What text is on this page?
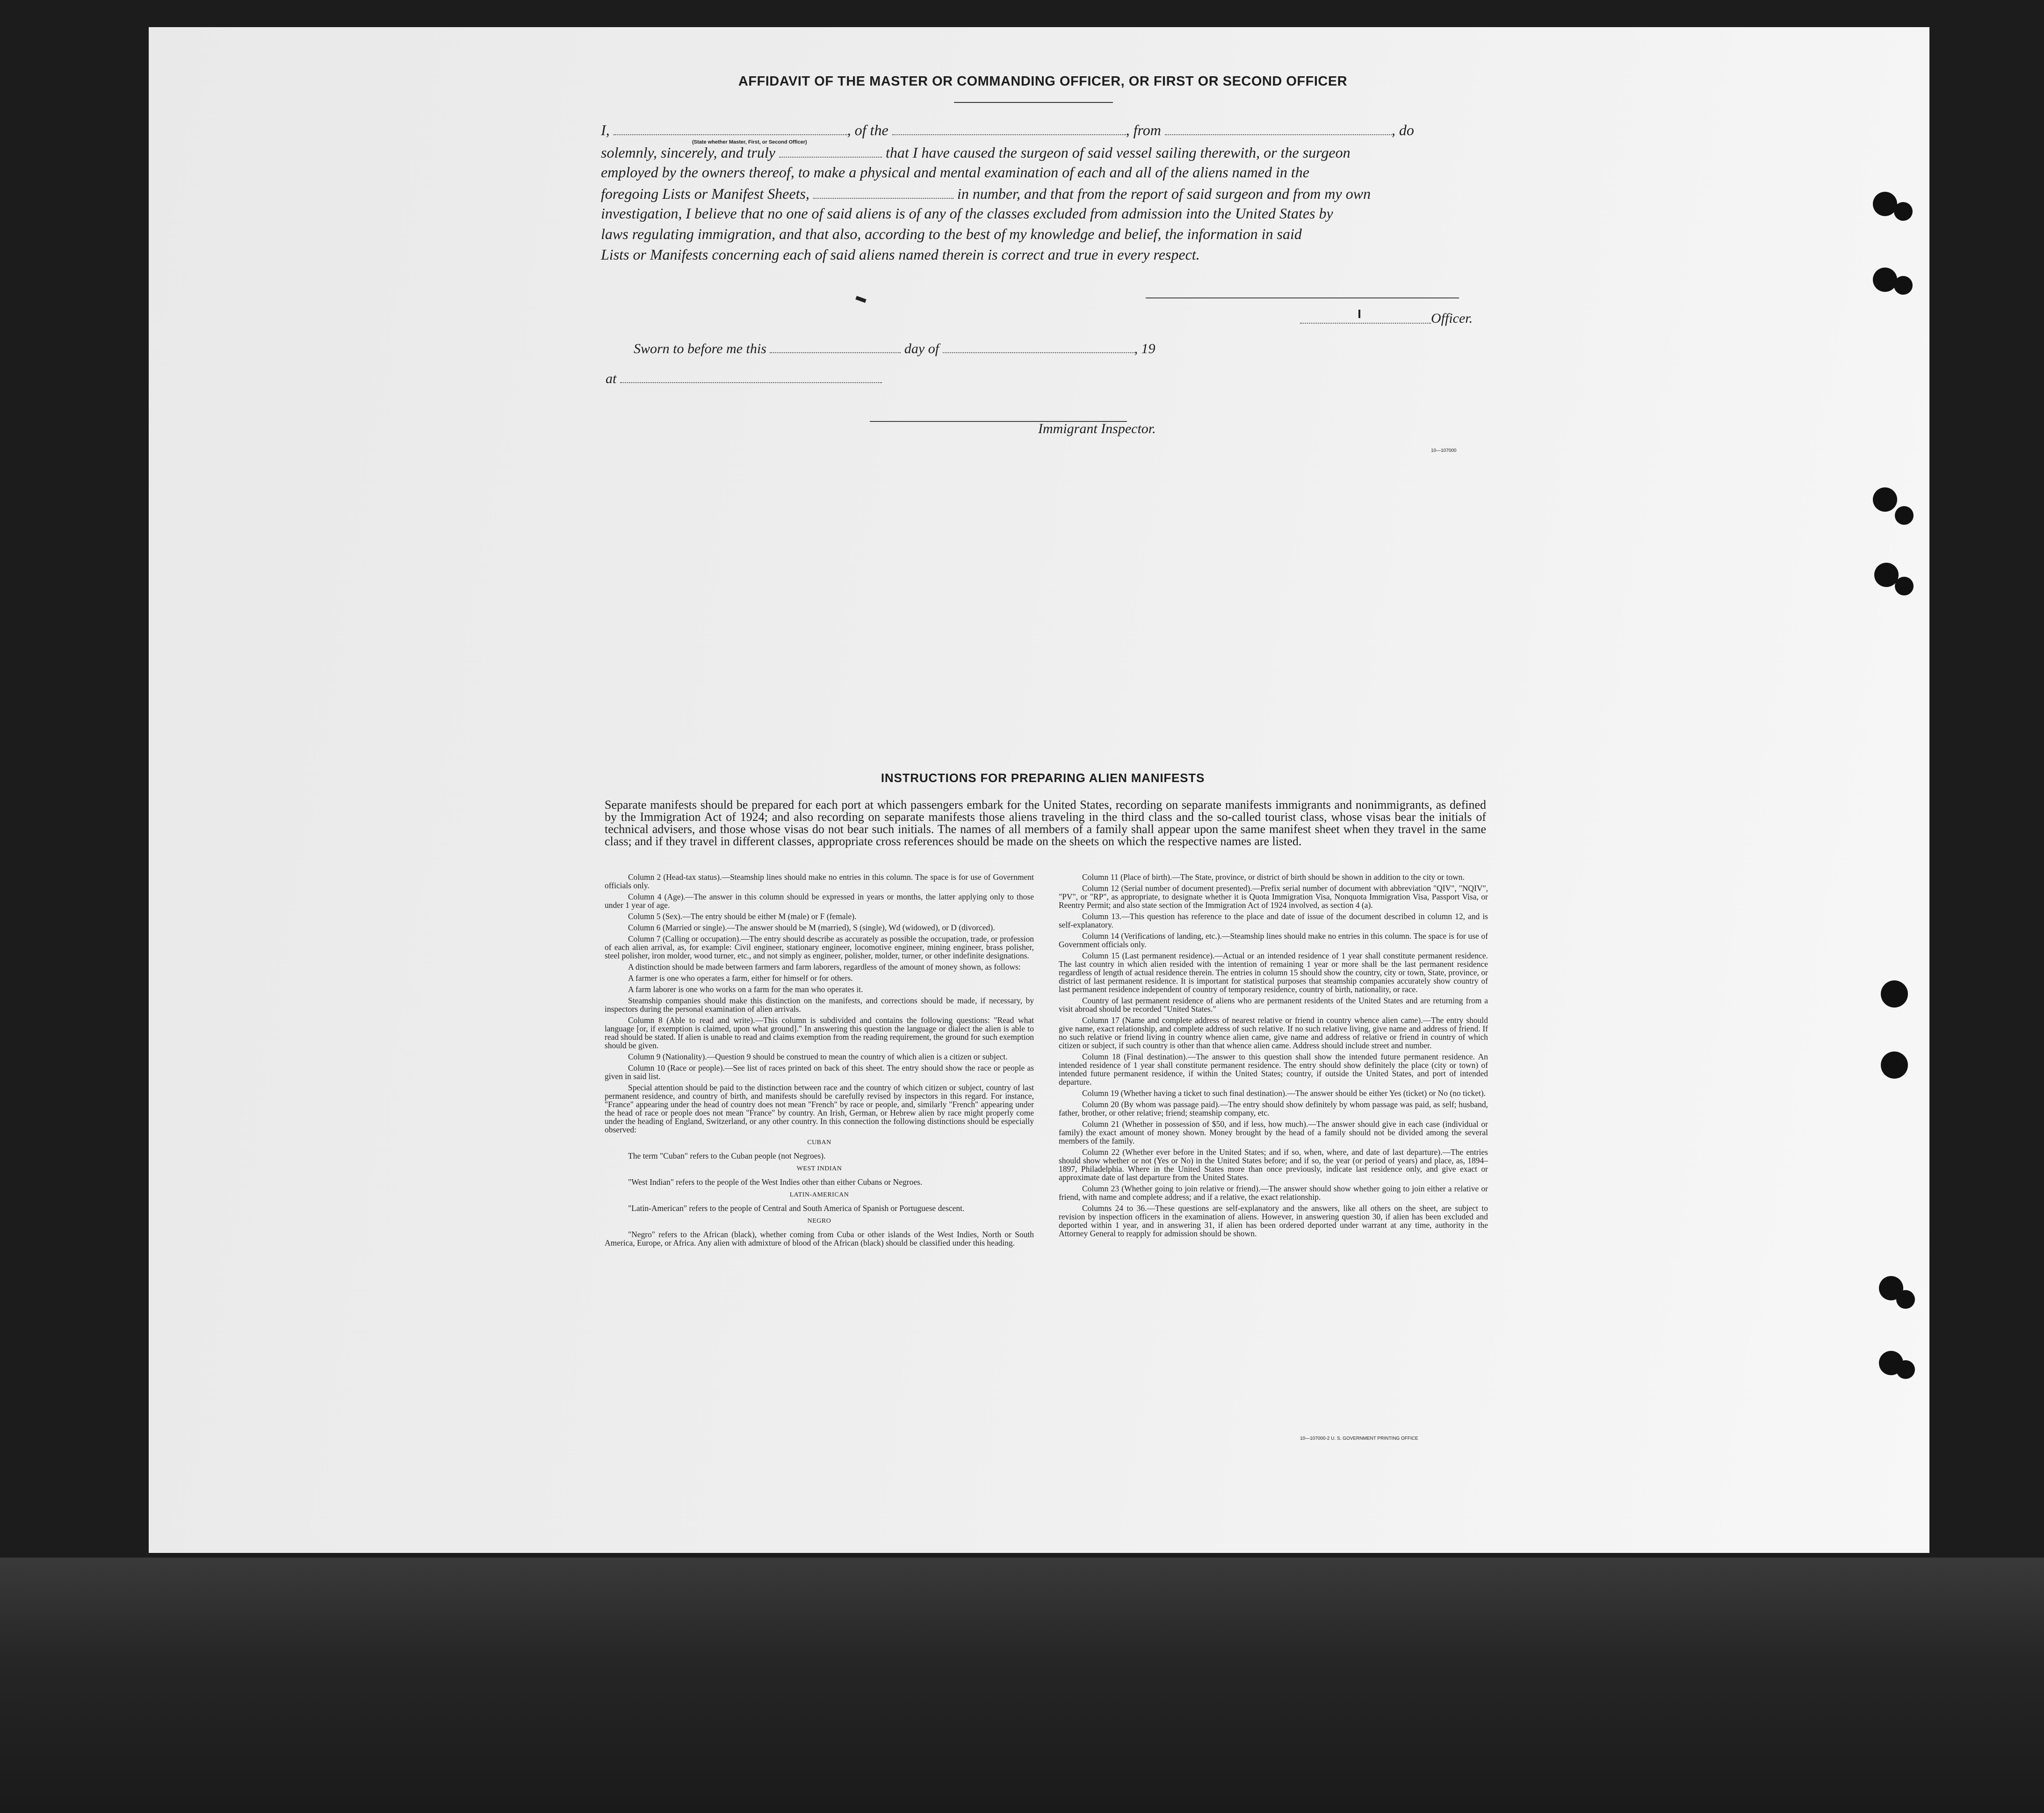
AFFIDAVIT OF THE MASTER OR COMMANDING OFFICER, OR FIRST OR SECOND OFFICER
I,	, of the	, from	, do
(State whether Master, First, or Second Officer)
solemnly, sincerely, and truly	that I have caused the surgeon of said vessel sailing therewith, or the surgeon
employed by the owners thereof, to make a physical and mental examination of each and all of the aliens named in the
foregoing Lists or Manifest Sheets,	in number, and that from the report of said surgeon and from my own
investigation, I believe that no one of said aliens is of any of the classes excluded from admission into the United States by
laws regulating immigration, and that also, according to the best of my knowledge and belief, the information in said
Lists or Manifests concerning each of said aliens named therein is correct and true in every respect.
Officer.
Sworn to before me this	day of	, 19
at
Immigrant Inspector.
10—107000
INSTRUCTIONS FOR PREPARING ALIEN MANIFESTS
Separate manifests should be prepared for each port at which passengers embark for the United States, recording on separate manifests immigrants and nonimmigrants, as defined by the Immigration Act of 1924; and also recording on separate manifests those aliens traveling in the third class and the so-called tourist class, whose visas bear the initials of technical advisers, and those whose visas do not bear such initials. The names of all members of a family shall appear upon the same manifest sheet when they travel in the same class; and if they travel in different classes, appropriate cross references should be made on the sheets on which the respective names are listed.

Column 2 (Head-tax status).—Steamship lines should make no entries in this column. The space is for use of Government officials only.

Column 4 (Age).—The answer in this column should be expressed in years or months, the latter applying only to those under 1 year of age.

Column 5 (Sex).—The entry should be either M (male) or F (female).

Column 6 (Married or single).—The answer should be M (married), S (single), Wd (widowed), or D (divorced).

Column 7 (Calling or occupation).—The entry should describe as accurately as possible the occupation, trade, or profession of each alien arrival, as, for example: Civil engineer, stationary engineer, locomotive engineer, mining engineer, brass polisher, steel polisher, iron molder, wood turner, etc., and not simply as engineer, polisher, molder, turner, or other indefinite designations.

A distinction should be made between farmers and farm laborers, regardless of the amount of money shown, as follows:

A farmer is one who operates a farm, either for himself or for others.

A farm laborer is one who works on a farm for the man who operates it.

Steamship companies should make this distinction on the manifests, and corrections should be made, if necessary, by inspectors during the personal examination of alien arrivals.

Column 8 (Able to read and write).—This column is subdivided and contains the following questions: "Read what language [or, if exemption is claimed, upon what ground]." In answering this question the language or dialect the alien is able to read should be stated. If alien is unable to read and claims exemption from the reading requirement, the ground for such exemption should be given.

Column 9 (Nationality).—Question 9 should be construed to mean the country of which alien is a citizen or subject.

Column 10 (Race or people).—See list of races printed on back of this sheet. The entry should show the race or people as given in said list.

Special attention should be paid to the distinction between race and the country of which citizen or subject, country of last permanent residence, and country of birth, and manifests should be carefully revised by inspectors in this regard. For instance, "France" appearing under the head of country does not mean "French" by race or people, and, similarly "French" appearing under the head of race or people does not mean "France" by country. An Irish, German, or Hebrew alien by race might properly come under the heading of England, Switzerland, or any other country. In this connection the following distinctions should be especially observed:

CUBAN

The term "Cuban" refers to the Cuban people (not Negroes).

WEST INDIAN

"West Indian" refers to the people of the West Indies other than either Cubans or Negroes.

LATIN-AMERICAN

"Latin-American" refers to the people of Central and South America of Spanish or Portuguese descent.

NEGRO

"Negro" refers to the African (black), whether coming from Cuba or other islands of the West Indies, North or South America, Europe, or Africa. Any alien with admixture of blood of the African (black) should be classified under this heading.

Column 11 (Place of birth).—The State, province, or district of birth should be shown in addition to the city or town.

Column 12 (Serial number of document presented).—Prefix serial number of document with abbreviation "QIV", "NQIV", "PV", or "RP", as appropriate, to designate whether it is Quota Immigration Visa, Nonquota Immigration Visa, Passport Visa, or Reentry Permit; and also state section of the Immigration Act of 1924 involved, as section 4 (a).

Column 13.—This question has reference to the place and date of issue of the document described in column 12, and is self-explanatory.

Column 14 (Verifications of landing, etc.).—Steamship lines should make no entries in this column. The space is for use of Government officials only.

Column 15 (Last permanent residence).—Actual or an intended residence of 1 year shall constitute permanent residence. The last country in which alien resided with the intention of remaining 1 year or more shall be the last permanent residence regardless of length of actual residence therein. The entries in column 15 should show the country, city or town, State, province, or district of last permanent residence. It is important for statistical purposes that steamship companies accurately show country of last permanent residence independent of country of temporary residence, country of birth, nationality, or race.

Country of last permanent residence of aliens who are permanent residents of the United States and are returning from a visit abroad should be recorded "United States."

Column 17 (Name and complete address of nearest relative or friend in country whence alien came).—The entry should give name, exact relationship, and complete address of such relative. If no such relative living, give name and address of friend. If no such relative or friend living in country whence alien came, give name and address of relative or friend in country of which citizen or subject, if such country is other than that whence alien came. Address should include street and number.

Column 18 (Final destination).—The answer to this question shall show the intended future permanent residence. An intended residence of 1 year shall constitute permanent residence. The entry should show definitely the place (city or town) of intended future permanent residence, if within the United States; country, if outside the United States, and port of intended departure.

Column 19 (Whether having a ticket to such final destination).—The answer should be either Yes (ticket) or No (no ticket).

Column 20 (By whom was passage paid).—The entry should show definitely by whom passage was paid, as self; husband, father, brother, or other relative; friend; steamship company, etc.

Column 21 (Whether in possession of $50, and if less, how much).—The answer should give in each case (individual or family) the exact amount of money shown. Money brought by the head of a family should not be divided among the several members of the family.

Column 22 (Whether ever before in the United States; and if so, when, where, and date of last departure).—The entries should show whether or not (Yes or No) in the United States before; and if so, the year (or period of years) and place, as, 1894–1897, Philadelphia. Where in the United States more than once previously, indicate last residence only, and give exact or approximate date of last departure from the United States.

Column 23 (Whether going to join relative or friend).—The answer should show whether going to join either a relative or friend, with name and complete address; and if a relative, the exact relationship.

Columns 24 to 36.—These questions are self-explanatory and the answers, like all others on the sheet, are subject to revision by inspection officers in the examination of aliens. However, in answering question 30, if alien has been excluded and deported within 1 year, and in answering 31, if alien has been ordered deported under warrant at any time, authority in the Attorney General to reapply for admission should be shown.

10—107000-2 U. S. GOVERNMENT PRINTING OFFICE
